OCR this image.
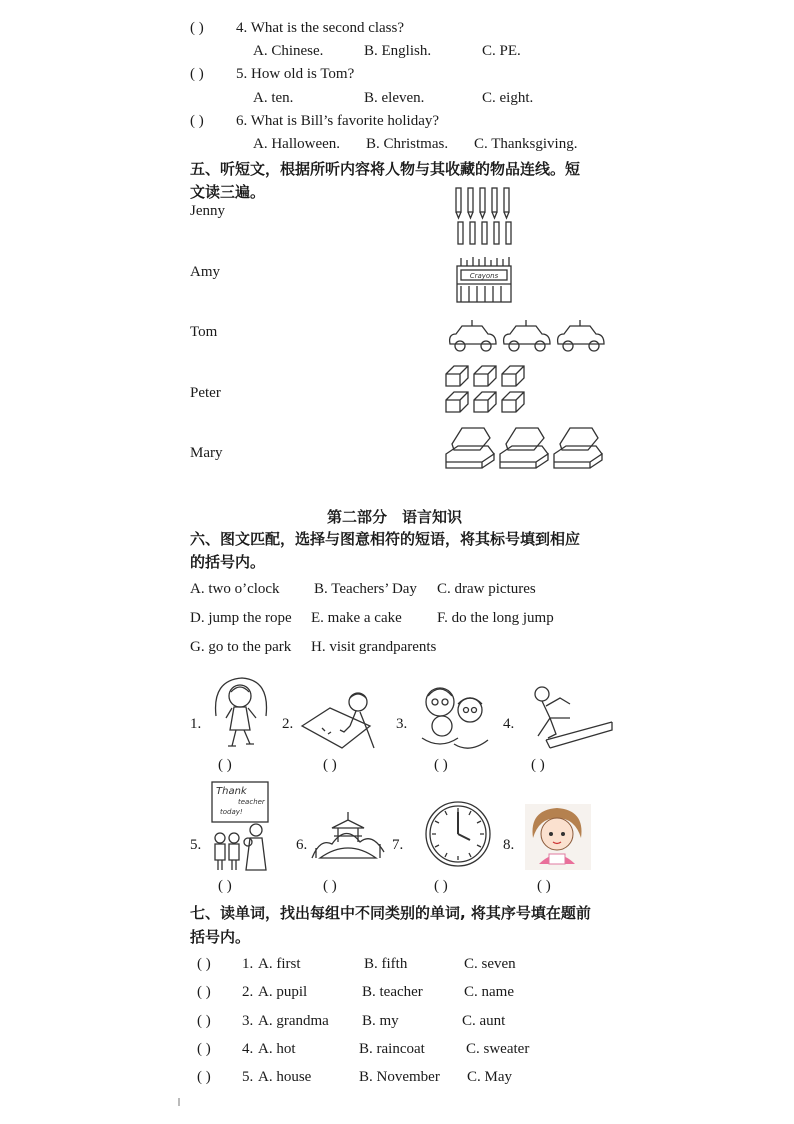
( ) 4. What is the second class?
A. Chinese.	B. English.	C. PE.
( ) 5. How old is Tom?
A. ten.	B. eleven.	C. eight.
( ) 6. What is Bill’s favorite holiday?
A. Halloween. B. Christmas. C. Thanksgiving.
五、听短文，根据所听内容将人物与其收藏的物品连线。短
文读三遍。
Jenny
Amy
Tom
Peter
Mary
Crayons
第二部分　语言知识
六、图文匹配，选择与图意相符的短语，将其标号填到相应
的括号内。
A. two o’clock B. Teachers’ Day C. draw pictures
D. jump the rope E. make a cake F. do the long jump
G. go to the park H. visit grandparents
1.	2.	3.	4.
( )	( )	( )	( )
5.
Thank
teacher
today!
6.	7.	8.
( )	( )	( )	( )
七、读单词，找出每组中不同类别的单词, 将其序号填在题前
括号内。
( ) 1. A. first	B. fifth	C. seven
( ) 2. A. pupil	B. teacher	C. name
( ) 3. A. grandma B. my	C. aunt
( ) 4. A. hot	B. raincoat	C. sweater
( ) 5. A. house	B. November C. May
